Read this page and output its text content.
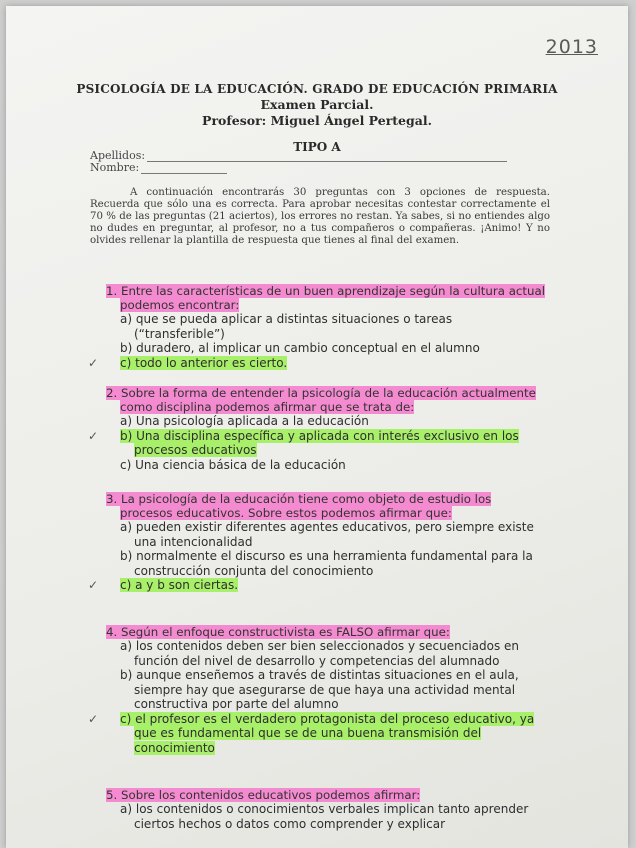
2013
PSICOLOGÍA DE LA EDUCACIÓN. GRADO DE EDUCACIÓN PRIMARIA
Examen Parcial.
Profesor: Miguel Ángel Pertegal.
TIPO A
Apellidos:
Nombre:
A continuación encontrarás 30 preguntas con 3 opciones de respuesta. Recuerda que sólo una es correcta. Para aprobar necesitas contestar correctamente el 70 % de las preguntas (21 aciertos), los errores no restan. Ya sabes, si no entiendes algo no dudes en preguntar, al profesor, no a tus compañeros o compañeras. ¡Animo! Y no olvides rellenar la plantilla de respuesta que tienes al final del examen.
1. Entre las características de un buen aprendizaje según la cultura actual podemos encontrar:
a) que se pueda aplicar a distintas situaciones o tareas (“transferible”)
b) duradero, al implicar un cambio conceptual en el alumno
✓	c) todo lo anterior es cierto.
2. Sobre la forma de entender la psicología de la educación actualmente como disciplina podemos afirmar que se trata de:
a) Una psicología aplicada a la educación
✓	b) Una disciplina específica y aplicada con interés exclusivo en los procesos educativos
c) Una ciencia básica de la educación
3. La psicología de la educación tiene como objeto de estudio los procesos educativos. Sobre estos podemos afirmar que:
a) pueden existir diferentes agentes educativos, pero siempre existe una intencionalidad
b) normalmente el discurso es una herramienta fundamental para la construcción conjunta del conocimiento
✓	c) a y b son ciertas.
4. Según el enfoque constructivista es FALSO afirmar que:
a) los contenidos deben ser bien seleccionados y secuenciados en función del nivel de desarrollo y competencias del alumnado
b) aunque enseñemos a través de distintas situaciones en el aula, siempre hay que asegurarse de que haya una actividad mental constructiva por parte del alumno
✓	c) el profesor es el verdadero protagonista del proceso educativo, ya que es fundamental que se de una buena transmisión del conocimiento
5. Sobre los contenidos educativos podemos afirmar:
a) los contenidos o conocimientos verbales implican tanto aprender ciertos hechos o datos como comprender y explicar
